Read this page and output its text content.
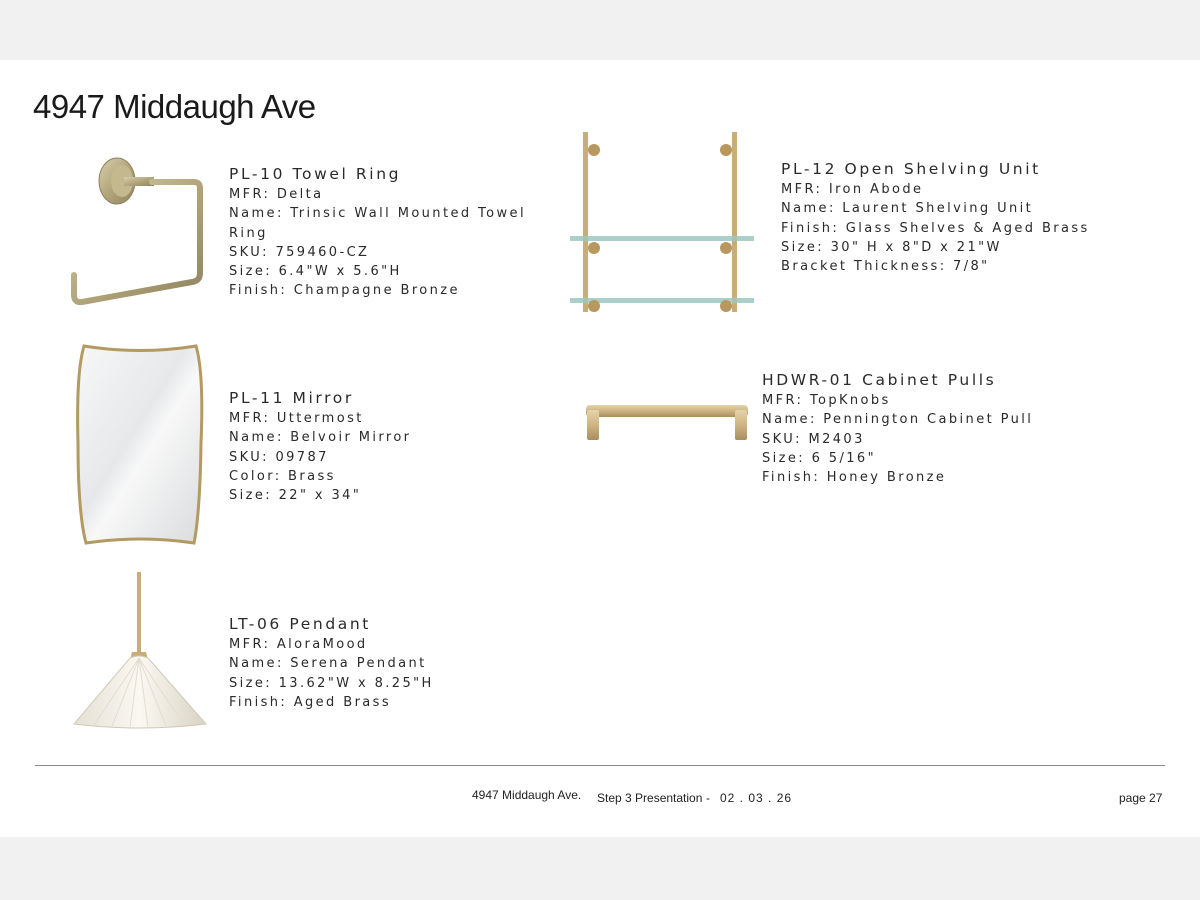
4947 Middaugh Ave
PL-10 Towel Ring
MFR: Delta
Name: Trinsic Wall Mounted Towel Ring
SKU: 759460-CZ
Size: 6.4"W x 5.6"H
Finish: Champagne Bronze
PL-11 Mirror
MFR: Uttermost
Name: Belvoir Mirror
SKU: 09787
Color: Brass
Size: 22" x 34"
LT-06 Pendant
MFR: AloraMood
Name: Serena Pendant
Size: 13.62"W x 8.25"H
Finish: Aged Brass
PL-12 Open Shelving Unit
MFR: Iron Abode
Name: Laurent Shelving Unit
Finish: Glass Shelves & Aged Brass
Size: 30" H x 8"D x 21"W
Bracket Thickness: 7/8"
HDWR-01 Cabinet Pulls
MFR: TopKnobs
Name: Pennington Cabinet Pull
SKU: M2403
Size: 6 5/16"
Finish: Honey Bronze
4947 Middaugh Ave. Step 3 Presentation - 02 . 03 . 26	page 27
